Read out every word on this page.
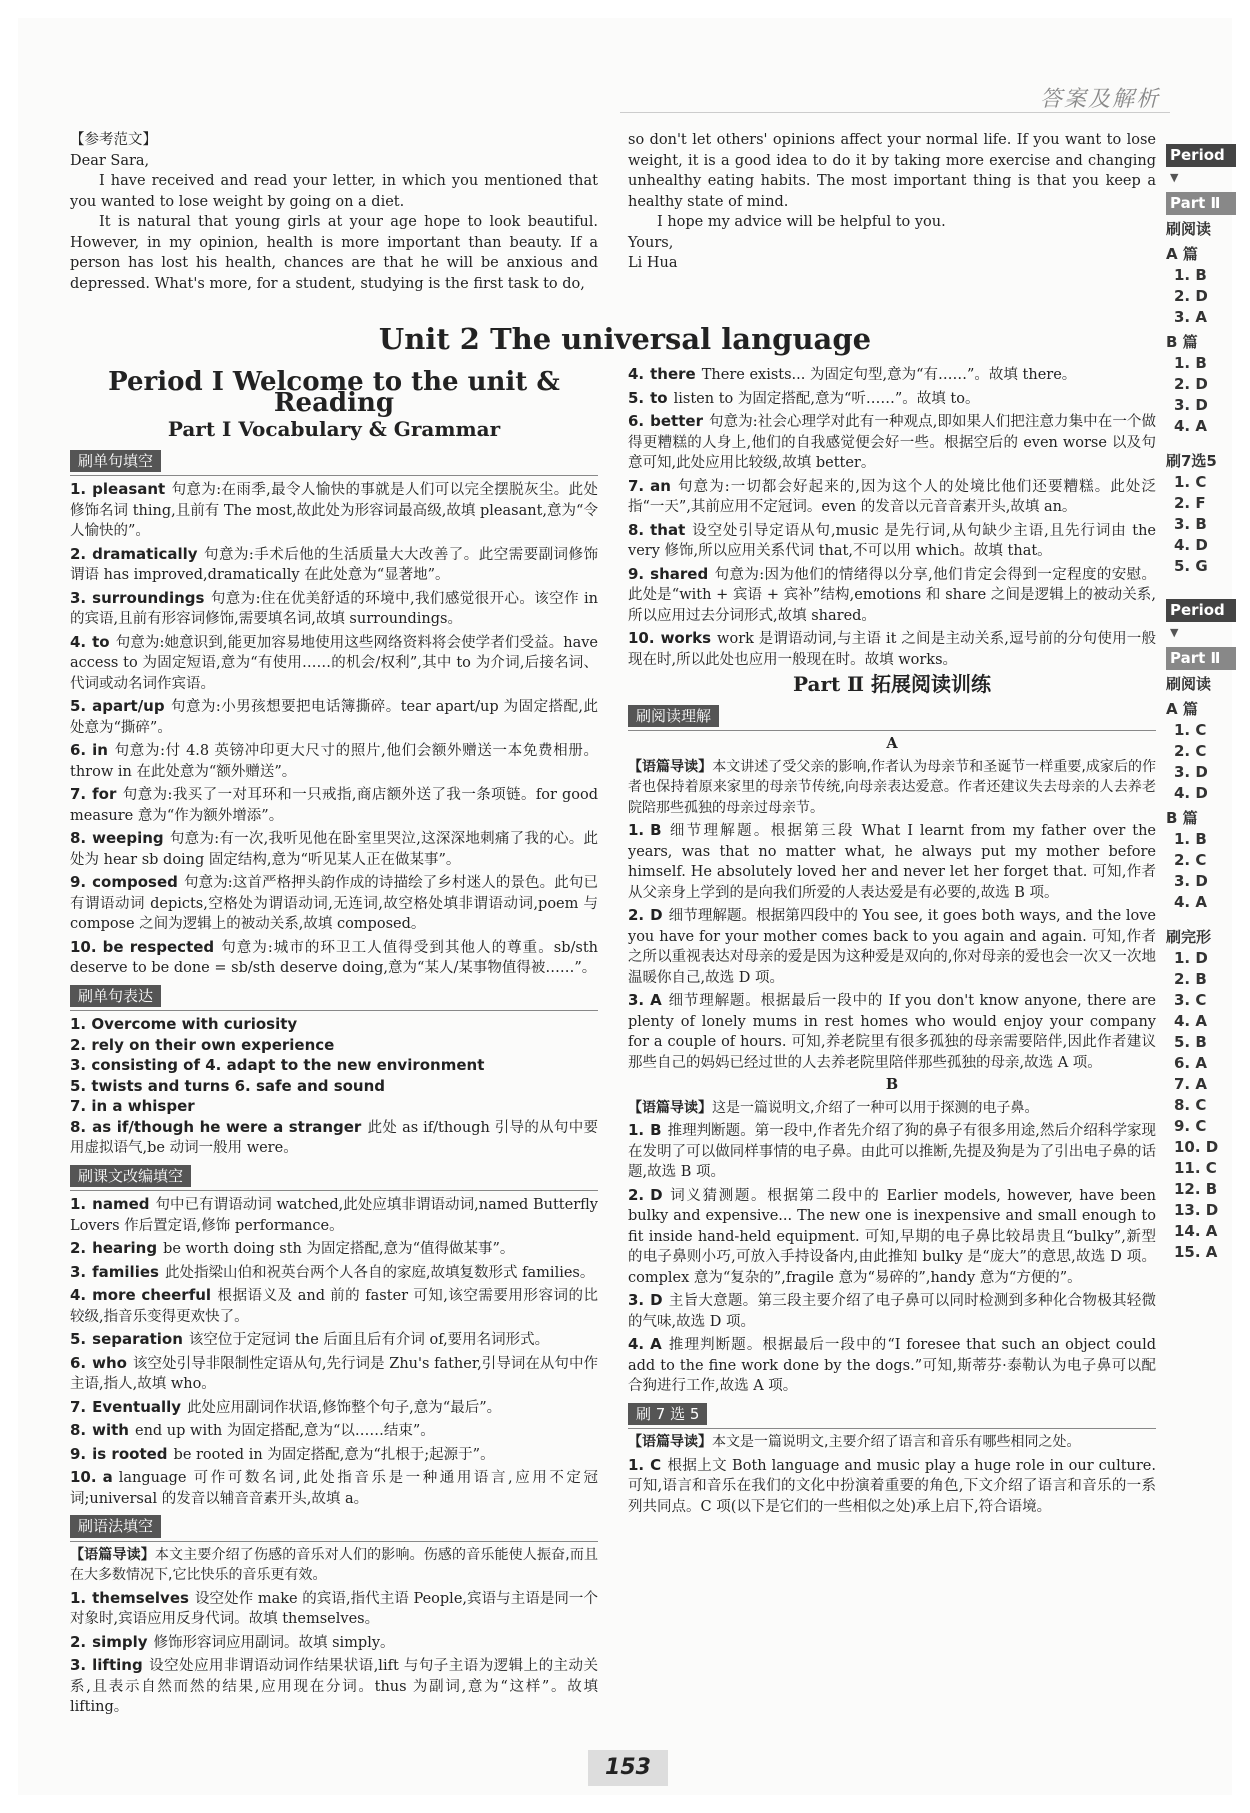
答案及解析

【参考范文】

Dear Sara,

I have received and read your letter, in which you mentioned that you wanted to lose weight by going on a diet.

It is natural that young girls at your age hope to look beautiful. However, in my opinion, health is more important than beauty. If a person has lost his health, chances are that he will be anxious and depressed. What's more, for a student, studying is the first task to do,

so don't let others' opinions affect your normal life. If you want to lose weight, it is a good idea to do it by taking more exercise and changing unhealthy eating habits. The most important thing is that you keep a healthy state of mind.

I hope my advice will be helpful to you.

Yours,

Li Hua

Unit 2 The universal language
Period Ⅰ Welcome to the unit & Reading
Part Ⅰ Vocabulary & Grammar
刷单句填空
1. pleasant 句意为:在雨季,最令人愉快的事就是人们可以完全摆脱灰尘。此处修饰名词 thing,且前有 The most,故此处为形容词最高级,故填 pleasant,意为“令人愉快的”。
2. dramatically 句意为:手术后他的生活质量大大改善了。此空需要副词修饰谓语 has improved,dramatically 在此处意为“显著地”。
3. surroundings 句意为:住在优美舒适的环境中,我们感觉很开心。该空作 in 的宾语,且前有形容词修饰,需要填名词,故填 surroundings。
4. to 句意为:她意识到,能更加容易地使用这些网络资料将会使学者们受益。have access to 为固定短语,意为“有使用……的机会/权利”,其中 to 为介词,后接名词、代词或动名词作宾语。
5. apart/up 句意为:小男孩想要把电话簿撕碎。tear apart/up 为固定搭配,此处意为“撕碎”。
6. in 句意为:付 4.8 英镑冲印更大尺寸的照片,他们会额外赠送一本免费相册。throw in 在此处意为“额外赠送”。
7. for 句意为:我买了一对耳环和一只戒指,商店额外送了我一条项链。for good measure 意为“作为额外增添”。
8. weeping 句意为:有一次,我听见他在卧室里哭泣,这深深地刺痛了我的心。此处为 hear sb doing 固定结构,意为“听见某人正在做某事”。
9. composed 句意为:这首严格押头韵作成的诗描绘了乡村迷人的景色。此句已有谓语动词 depicts,空格处为谓语动词,无连词,故空格处填非谓语动词,poem 与 compose 之间为逻辑上的被动关系,故填 composed。
10. be respected 句意为:城市的环卫工人值得受到其他人的尊重。sb/sth deserve to be done = sb/sth deserve doing,意为“某人/某事物值得被……”。
刷单句表达

1. Overcome with curiosity

2. rely on their own experience

3. consisting of 4. adapt to the new environment

5. twists and turns 6. safe and sound

7. in a whisper

8. as if/though he were a stranger 此处 as if/though 引导的从句中要用虚拟语气,be 动词一般用 were。
刷课文改编填空
1. named 句中已有谓语动词 watched,此处应填非谓语动词,named Butterfly Lovers 作后置定语,修饰 performance。
2. hearing be worth doing sth 为固定搭配,意为“值得做某事”。
3. families 此处指梁山伯和祝英台两个人各自的家庭,故填复数形式 families。
4. more cheerful 根据语义及 and 前的 faster 可知,该空需要用形容词的比较级,指音乐变得更欢快了。
5. separation 该空位于定冠词 the 后面且后有介词 of,要用名词形式。
6. who 该空处引导非限制性定语从句,先行词是 Zhu's father,引导词在从句中作主语,指人,故填 who。
7. Eventually 此处应用副词作状语,修饰整个句子,意为“最后”。
8. with end up with 为固定搭配,意为“以……结束”。
9. is rooted be rooted in 为固定搭配,意为“扎根于;起源于”。
10. a language 可作可数名词,此处指音乐是一种通用语言,应用不定冠词;universal 的发音以辅音音素开头,故填 a。
刷语法填空
【语篇导读】本文主要介绍了伤感的音乐对人们的影响。伤感的音乐能使人振奋,而且在大多数情况下,它比快乐的音乐更有效。
1. themselves 设空处作 make 的宾语,指代主语 People,宾语与主语是同一个对象时,宾语应用反身代词。故填 themselves。
2. simply 修饰形容词应用副词。故填 simply。
3. lifting 设空处应用非谓语动词作结果状语,lift 与句子主语为逻辑上的主动关系,且表示自然而然的结果,应用现在分词。thus 为副词,意为“这样”。故填 lifting。
4. there There exists... 为固定句型,意为“有……”。故填 there。
5. to listen to 为固定搭配,意为“听……”。故填 to。
6. better 句意为:社会心理学对此有一种观点,即如果人们把注意力集中在一个做得更糟糕的人身上,他们的自我感觉便会好一些。根据空后的 even worse 以及句意可知,此处应用比较级,故填 better。
7. an 句意为:一切都会好起来的,因为这个人的处境比他们还要糟糕。此处泛指“一天”,其前应用不定冠词。even 的发音以元音音素开头,故填 an。
8. that 设空处引导定语从句,music 是先行词,从句缺少主语,且先行词由 the very 修饰,所以应用关系代词 that,不可以用 which。故填 that。
9. shared 句意为:因为他们的情绪得以分享,他们肯定会得到一定程度的安慰。此处是“with + 宾语 + 宾补”结构,emotions 和 share 之间是逻辑上的被动关系,所以应用过去分词形式,故填 shared。
10. works work 是谓语动词,与主语 it 之间是主动关系,逗号前的分句使用一般现在时,所以此处也应用一般现在时。故填 works。
Part Ⅱ 拓展阅读训练
刷阅读理解
A
【语篇导读】本文讲述了受父亲的影响,作者认为母亲节和圣诞节一样重要,成家后的作者也保持着原来家里的母亲节传统,向母亲表达爱意。作者还建议失去母亲的人去养老院陪那些孤独的母亲过母亲节。
1. B 细节理解题。根据第三段 What I learnt from my father over the years, was that no matter what, he always put my mother before himself. He absolutely loved her and never let her forget that. 可知,作者从父亲身上学到的是向我们所爱的人表达爱是有必要的,故选 B 项。
2. D 细节理解题。根据第四段中的 You see, it goes both ways, and the love you have for your mother comes back to you again and again. 可知,作者之所以重视表达对母亲的爱是因为这种爱是双向的,你对母亲的爱也会一次又一次地温暖你自己,故选 D 项。
3. A 细节理解题。根据最后一段中的 If you don't know anyone, there are plenty of lonely mums in rest homes who would enjoy your company for a couple of hours. 可知,养老院里有很多孤独的母亲需要陪伴,因此作者建议那些自己的妈妈已经过世的人去养老院里陪伴那些孤独的母亲,故选 A 项。
B
【语篇导读】这是一篇说明文,介绍了一种可以用于探测的电子鼻。
1. B 推理判断题。第一段中,作者先介绍了狗的鼻子有很多用途,然后介绍科学家现在发明了可以做同样事情的电子鼻。由此可以推断,先提及狗是为了引出电子鼻的话题,故选 B 项。
2. D 词义猜测题。根据第二段中的 Earlier models, however, have been bulky and expensive... The new one is inexpensive and small enough to fit inside hand-held equipment. 可知,早期的电子鼻比较昂贵且“bulky”,新型的电子鼻则小巧,可放入手持设备内,由此推知 bulky 是“庞大”的意思,故选 D 项。complex 意为“复杂的”,fragile 意为“易碎的”,handy 意为“方便的”。
3. D 主旨大意题。第三段主要介绍了电子鼻可以同时检测到多种化合物极其轻微的气味,故选 D 项。
4. A 推理判断题。根据最后一段中的“I foresee that such an object could add to the fine work done by the dogs.”可知,斯蒂芬·泰勒认为电子鼻可以配合狗进行工作,故选 A 项。
刷 7 选 5
【语篇导读】本文是一篇说明文,主要介绍了语言和音乐有哪些相同之处。
1. C 根据上文 Both language and music play a huge role in our culture. 可知,语言和音乐在我们的文化中扮演着重要的角色,下文介绍了语言和音乐的一系列共同点。C 项(以下是它们的一些相似之处)承上启下,符合语境。
Period
▼
Part Ⅱ
刷阅读
A 篇
1. B
2. D
3. A
B 篇
1. B
2. D
3. D
4. A
刷7选5
1. C
2. F
3. B
4. D
5. G
Period
▼
Part Ⅱ
刷阅读
A 篇
1. C
2. C
3. D
4. D
B 篇
1. B
2. C
3. D
4. A
刷完形
1. D
2. B
3. C
4. A
5. B
6. A
7. A
8. C
9. C
10. D
11. C
12. B
13. D
14. A
15. A
153
